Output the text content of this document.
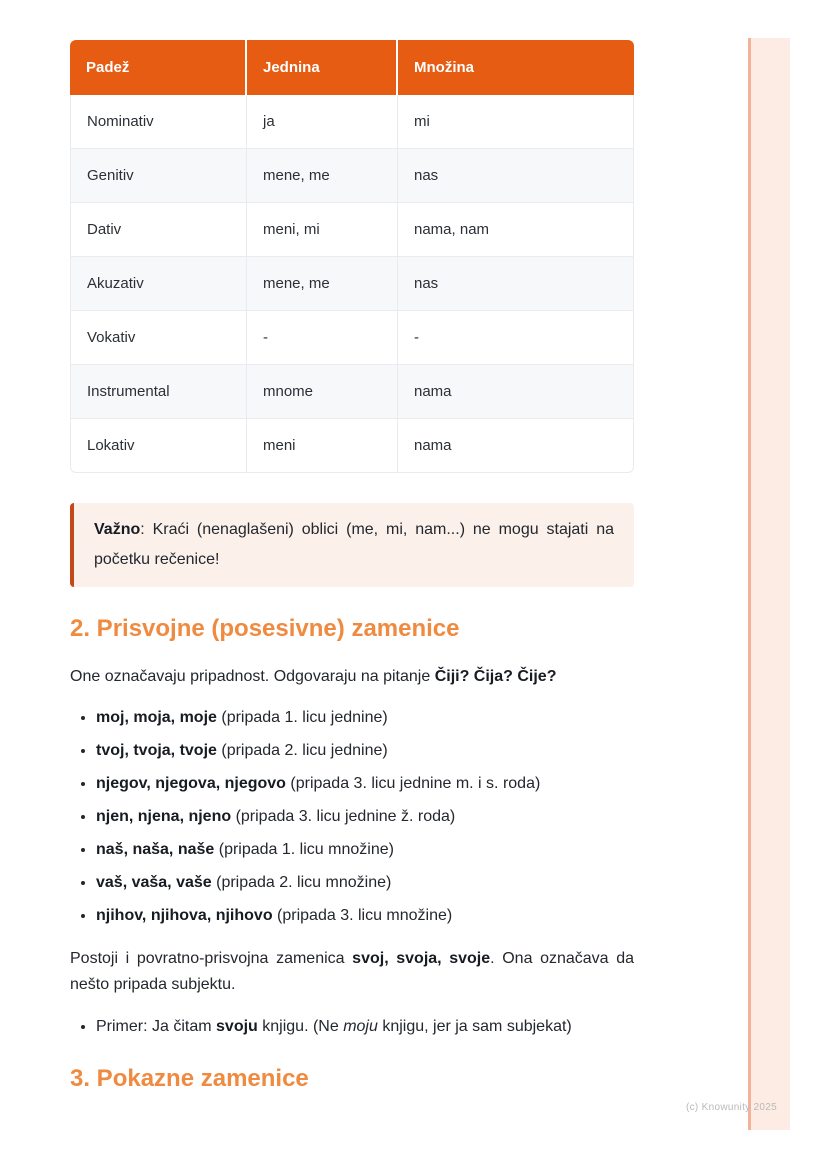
Padež	Jednina	Množina
Nominativ	ja	mi
Genitiv	mene, me	nas
Dativ	meni, mi	nama, nam
Akuzativ	mene, me	nas
Vokativ	-	-
Instrumental	mnome	nama
Lokativ	meni	nama
Važno: Kraći (nenaglašeni) oblici (me, mi, nam...) ne mogu stajati na početku rečenice!
2. Prisvojne (posesivne) zamenice

One označavaju pripadnost. Odgovaraju na pitanje Čiji? Čija? Čije?

• moj, moja, moje (pripada 1. licu jednine)
• tvoj, tvoja, tvoje (pripada 2. licu jednine)
• njegov, njegova, njegovo (pripada 3. licu jednine m. i s. roda)
• njen, njena, njeno (pripada 3. licu jednine ž. roda)
• naš, naša, naše (pripada 1. licu množine)
• vaš, vaša, vaše (pripada 2. licu množine)
• njihov, njihova, njihovo (pripada 3. licu množine)

Postoji i povratno-prisvojna zamenica svoj, svoja, svoje. Ona označava da nešto pripada subjektu.

• Primer: Ja čitam svoju knjigu. (Ne moju knjigu, jer ja sam subjekat)
3. Pokazne zamenice
(c) Knowunity 2025
